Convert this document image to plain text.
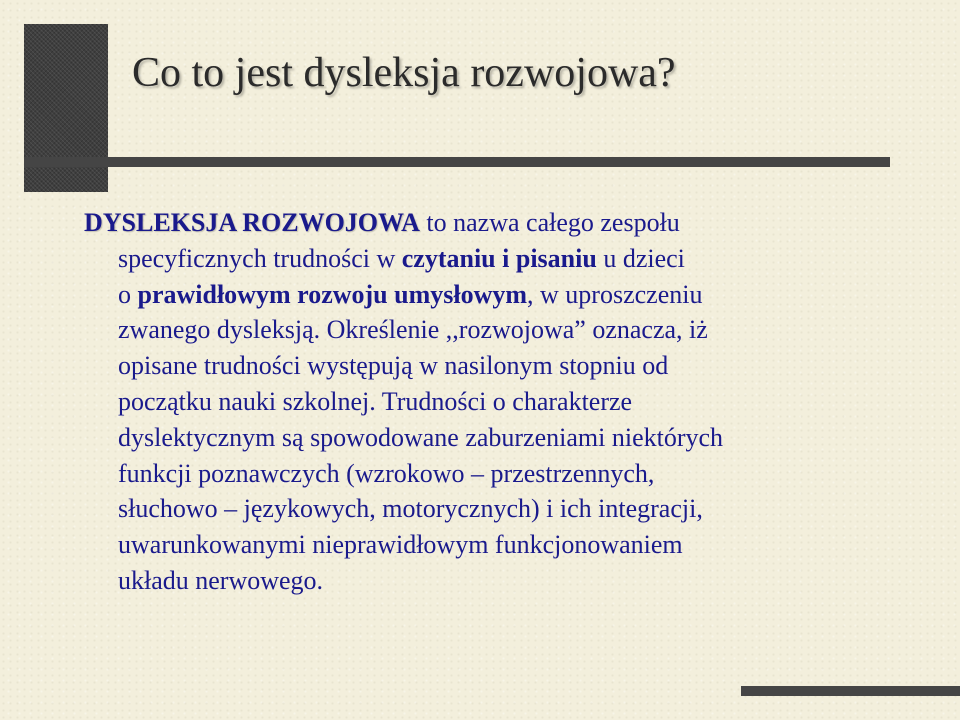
Co to jest dysleksja rozwojowa?

DYSLEKSJA ROZWOJOWA to nazwa całego zespołu
specyficznych trudności w czytaniu i pisaniu u dzieci
o prawidłowym rozwoju umysłowym, w uproszczeniu
zwanego dysleksją. Określenie ,,rozwojowa” oznacza, iż
opisane trudności występują w nasilonym stopniu od
początku nauki szkolnej. Trudności o charakterze
dyslektycznym są spowodowane zaburzeniami niektórych
funkcji poznawczych (wzrokowo – przestrzennych,
słuchowo – językowych, motorycznych) i ich integracji,
uwarunkowanymi nieprawidłowym funkcjonowaniem
układu nerwowego.
